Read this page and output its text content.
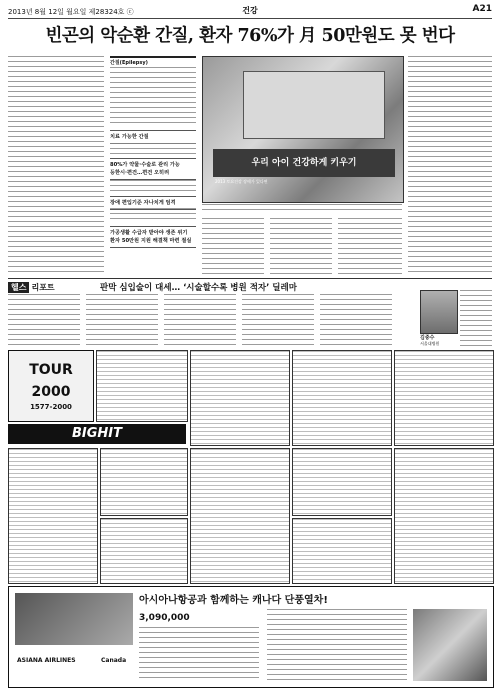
2013년 8월 12일 월요일 제28324호 ⓒ	건강	A21
빈곤의 악순환 간질, 환자 76%가 月 50만원도 못 번다
간질(Epilepsy)
치료 가능한 간질
80%가 약물·수술로 관리 가능
등한시·편견…편견 오히려
장애 편입기준 자나치게 엄격
가공생활 수급자 받아야 생존 위기
환자 50만원 지원 해결책 마련 절실
우리 아이 건강하게 키우기
2013 토요건강 장애가 있다면
헬스 리포트	판막 심입술이 대세… ‘시술할수록 병원 적자’ 딜레마
김중수
서울대병원
TOUR 2000
1577-2000
BIGHIT
아시아나항공과 함께하는 캐나다 단풍열차!
ASIANA AIRLINES	Canada
3,090,000
